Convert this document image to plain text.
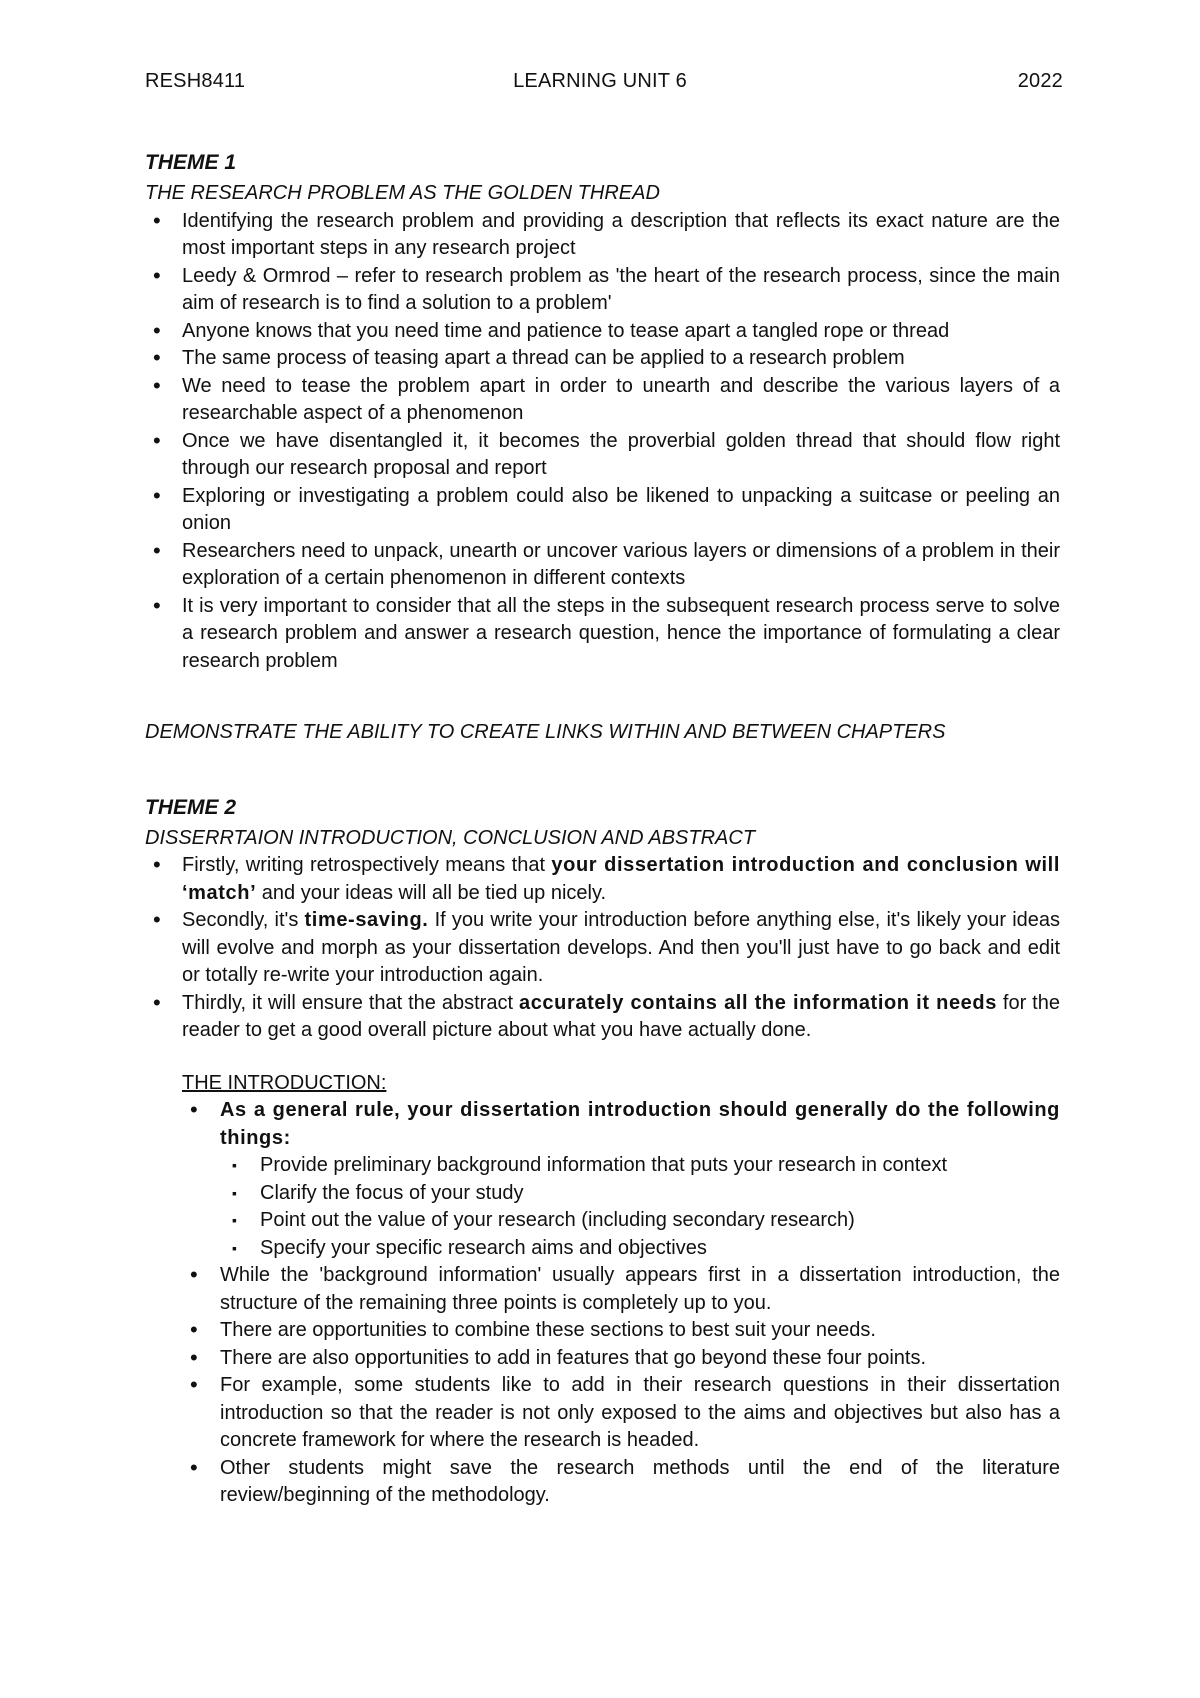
RESH8411	LEARNING UNIT 6	2022
THEME 1

THE RESEARCH PROBLEM AS THE GOLDEN THREAD

• Identifying the research problem and providing a description that reflects its exact nature are the most important steps in any research project
• Leedy & Ormrod – refer to research problem as 'the heart of the research process, since the main aim of research is to find a solution to a problem'
• Anyone knows that you need time and patience to tease apart a tangled rope or thread
• The same process of teasing apart a thread can be applied to a research problem
• We need to tease the problem apart in order to unearth and describe the various layers of a researchable aspect of a phenomenon
• Once we have disentangled it, it becomes the proverbial golden thread that should flow right through our research proposal and report
• Exploring or investigating a problem could also be likened to unpacking a suitcase or peeling an onion
• Researchers need to unpack, unearth or uncover various layers or dimensions of a problem in their exploration of a certain phenomenon in different contexts
• It is very important to consider that all the steps in the subsequent research process serve to solve a research problem and answer a research question, hence the importance of formulating a clear research problem

DEMONSTRATE THE ABILITY TO CREATE LINKS WITHIN AND BETWEEN CHAPTERS

THEME 2

DISSERRTAION INTRODUCTION, CONCLUSION AND ABSTRACT

• Firstly, writing retrospectively means that your dissertation introduction and conclusion will ‘match’ and your ideas will all be tied up nicely.
• Secondly, it's time-saving. If you write your introduction before anything else, it's likely your ideas will evolve and morph as your dissertation develops. And then you'll just have to go back and edit or totally re-write your introduction again.
• Thirdly, it will ensure that the abstract accurately contains all the information it needs for the reader to get a good overall picture about what you have actually done.

THE INTRODUCTION:

• As a general rule, your dissertation introduction should generally do the following things:
▪ Provide preliminary background information that puts your research in context
▪ Clarify the focus of your study
▪ Point out the value of your research (including secondary research)
▪ Specify your specific research aims and objectives
• While the 'background information' usually appears first in a dissertation introduction, the structure of the remaining three points is completely up to you.
• There are opportunities to combine these sections to best suit your needs.
• There are also opportunities to add in features that go beyond these four points.
• For example, some students like to add in their research questions in their dissertation introduction so that the reader is not only exposed to the aims and objectives but also has a concrete framework for where the research is headed.
• Other students might save the research methods until the end of the literature review/beginning of the methodology.
